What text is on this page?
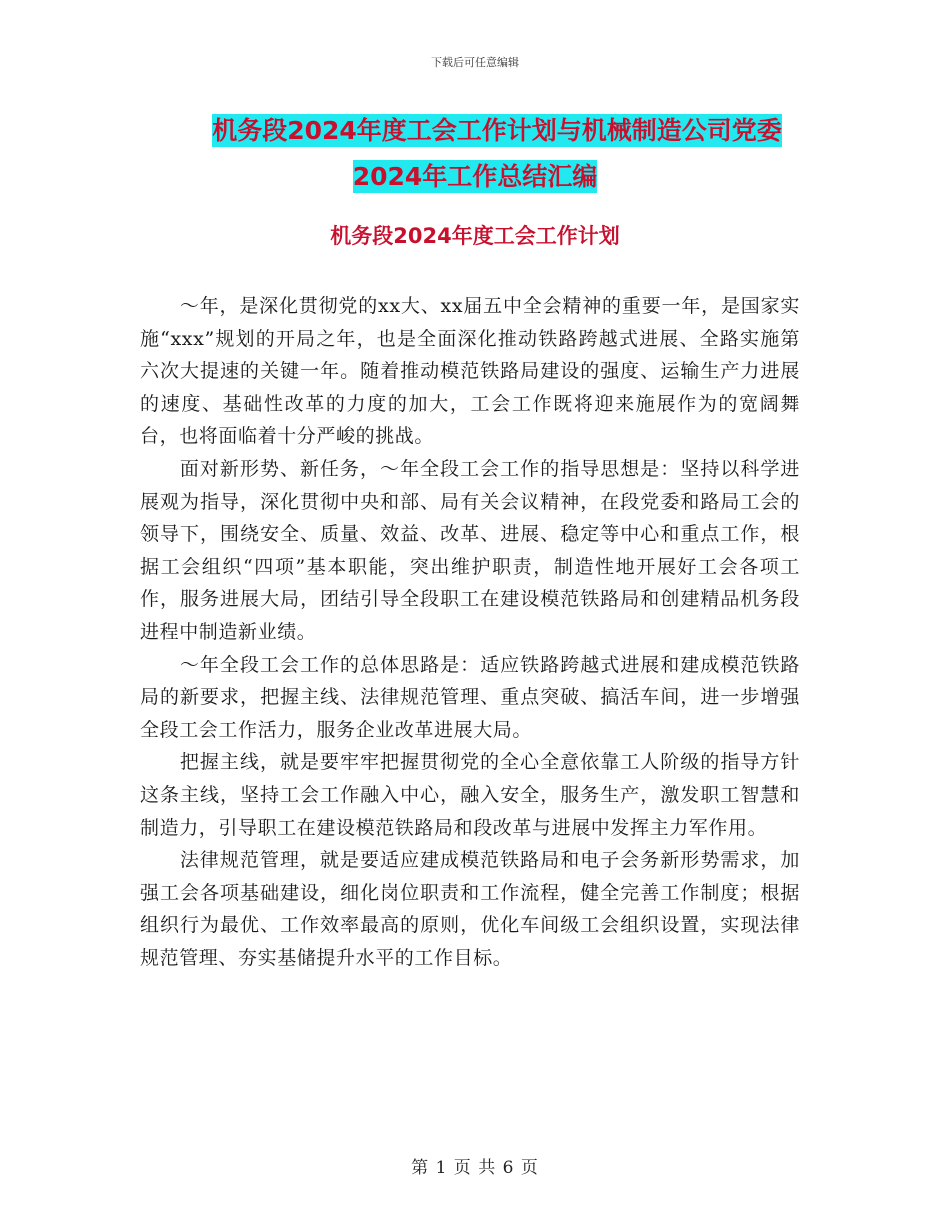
下载后可任意编辑
机务段2024年度工会工作计划与机械制造公司党委
2024年工作总结汇编
机务段2024年度工会工作计划

～年，是深化贯彻党的xx大、xx届五中全会精神的重要一年，是国家实施“xxx”规划的开局之年，也是全面深化推动铁路跨越式进展、全路实施第六次大提速的关键一年。随着推动模范铁路局建设的强度、运输生产力进展的速度、基础性改革的力度的加大，工会工作既将迎来施展作为的宽阔舞台，也将面临着十分严峻的挑战。

面对新形势、新任务，～年全段工会工作的指导思想是：坚持以科学进展观为指导，深化贯彻中央和部、局有关会议精神，在段党委和路局工会的领导下，围绕安全、质量、效益、改革、进展、稳定等中心和重点工作，根据工会组织“四项”基本职能，突出维护职责，制造性地开展好工会各项工作，服务进展大局，团结引导全段职工在建设模范铁路局和创建精品机务段进程中制造新业绩。

～年全段工会工作的总体思路是：适应铁路跨越式进展和建成模范铁路局的新要求，把握主线、法律规范管理、重点突破、搞活车间，进一步增强全段工会工作活力，服务企业改革进展大局。

把握主线，就是要牢牢把握贯彻党的全心全意依靠工人阶级的指导方针这条主线，坚持工会工作融入中心，融入安全，服务生产，激发职工智慧和制造力，引导职工在建设模范铁路局和段改革与进展中发挥主力军作用。

法律规范管理，就是要适应建成模范铁路局和电子会务新形势需求，加强工会各项基础建设，细化岗位职责和工作流程，健全完善工作制度；根据组织行为最优、工作效率最高的原则，优化车间级工会组织设置，实现法律规范管理、夯实基储提升水平的工作目标。

第 1 页 共 6 页
